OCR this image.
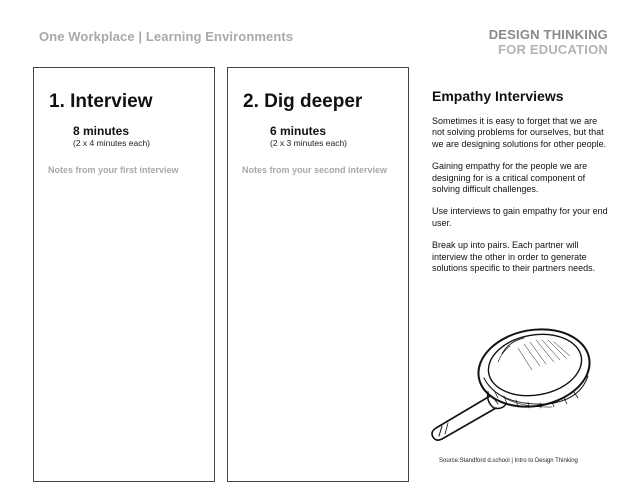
One Workplace | Learning Environments	DESIGN THINKING
FOR EDUCATION
1. Interview
8 minutes
(2 x 4 minutes each)
Notes from your first interview
2. Dig deeper
6 minutes
(2 x 3 minutes each)
Notes from your second interview
Empathy Interviews

Sometimes it is easy to forget that we are not solving problems for ourselves, but that we are designing solutions for other people.

Gaining empathy for the people we are designing for is a critical component of solving difficult challenges.

Use interviews to gain empathy for your end user.

Break up into pairs. Each partner will interview the other in order to generate solutions specific to their partners needs.

Source:Standford d.school | Intro to Design Thinking
